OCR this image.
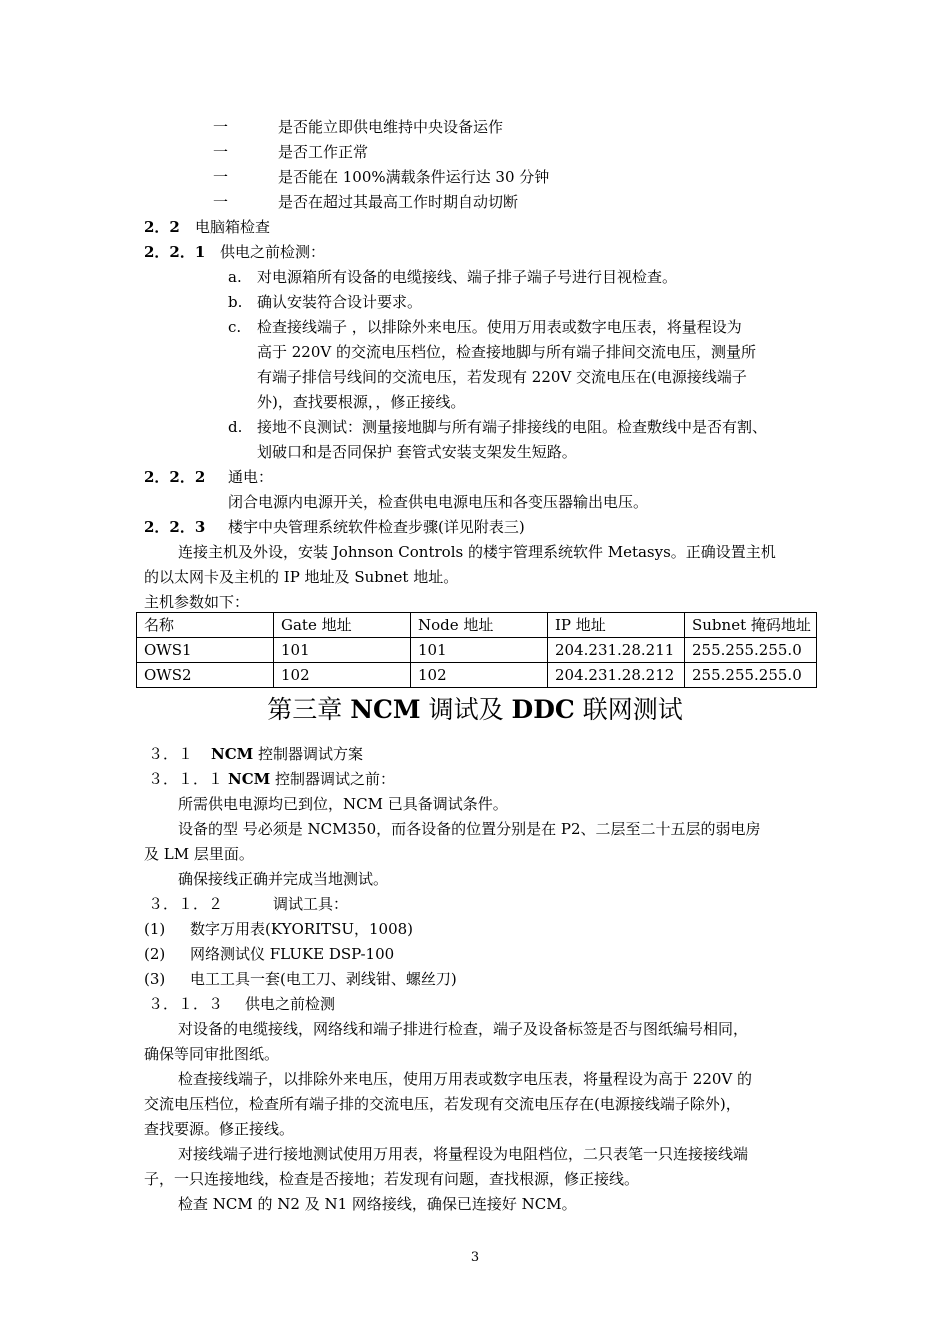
一	是否能立即供电维持中央设备运作
一	是否工作正常
一	是否能在 100%满载条件运行达 30 分钟
一	是否在超过其最高工作时期自动切断
2．2 电脑箱检查
2．2．1 供电之前检测：
a. 对电源箱所有设备的电缆接线、端子排子端子号进行目视检查。
b. 确认安装符合设计要求。
c. 检查接线端子 ，以排除外来电压。使用万用表或数字电压表，将量程设为
高于 220V 的交流电压档位，检查接地脚与所有端子排间交流电压，测量所
有端子排信号线间的交流电压，若发现有 220V 交流电压在(电源接线端子
外)，查找要根源，，修正接线。
d. 接地不良测试：测量接地脚与所有端子排接线的电阻。检查敷线中是否有割、
划破口和是否同保护 套管式安装支架发生短路。
2．2．2 通电：
闭合电源内电源开关，检查供电电源电压和各变压器输出电压。
2．2．3 楼宇中央管理系统软件检查步骤(详见附表三)
连接主机及外设，安装 Johnson Controls 的楼宇管理系统软件 Metasys。正确设置主机
的以太网卡及主机的 IP 地址及 Subnet 地址。
主机参数如下：
名称	Gate 地址	Node 地址	IP 地址	Subnet 掩码地址
OWS1	101	101	204.231.28.211	255.255.255.0
OWS2	102	102	204.231.28.212	255.255.255.0
第三章 NCM 调试及 DDC 联网测试
３．１ NCM 控制器调试方案
３．１．１ NCM 控制器调试之前：
所需供电电源均已到位，NCM 已具备调试条件。
设备的型 号必须是 NCM350，而各设备的位置分别是在 P2、二层至二十五层的弱电房
及 LM 层里面。
确保接线正确并完成当地测试。
３．１．２	调试工具：
(1) 数字万用表(KYORITSU，1008)
(2) 网络测试仪 FLUKE DSP-100
(3) 电工工具一套(电工刀、剥线钳、螺丝刀)
３．１．３ 供电之前检测
对设备的电缆接线，网络线和端子排进行检查，端子及设备标签是否与图纸编号相同，
确保等同审批图纸。
检查接线端子，以排除外来电压，使用万用表或数字电压表，将量程设为高于 220V 的
交流电压档位，检查所有端子排的交流电压，若发现有交流电压存在(电源接线端子除外)，
查找要源。修正接线。
对接线端子进行接地测试使用万用表，将量程设为电阻档位，二只表笔一只连接接线端
子，一只连接地线，检查是否接地；若发现有问题，查找根源，修正接线。
检查 NCM 的 N2 及 N1 网络接线，确保已连接好 NCM。
3
